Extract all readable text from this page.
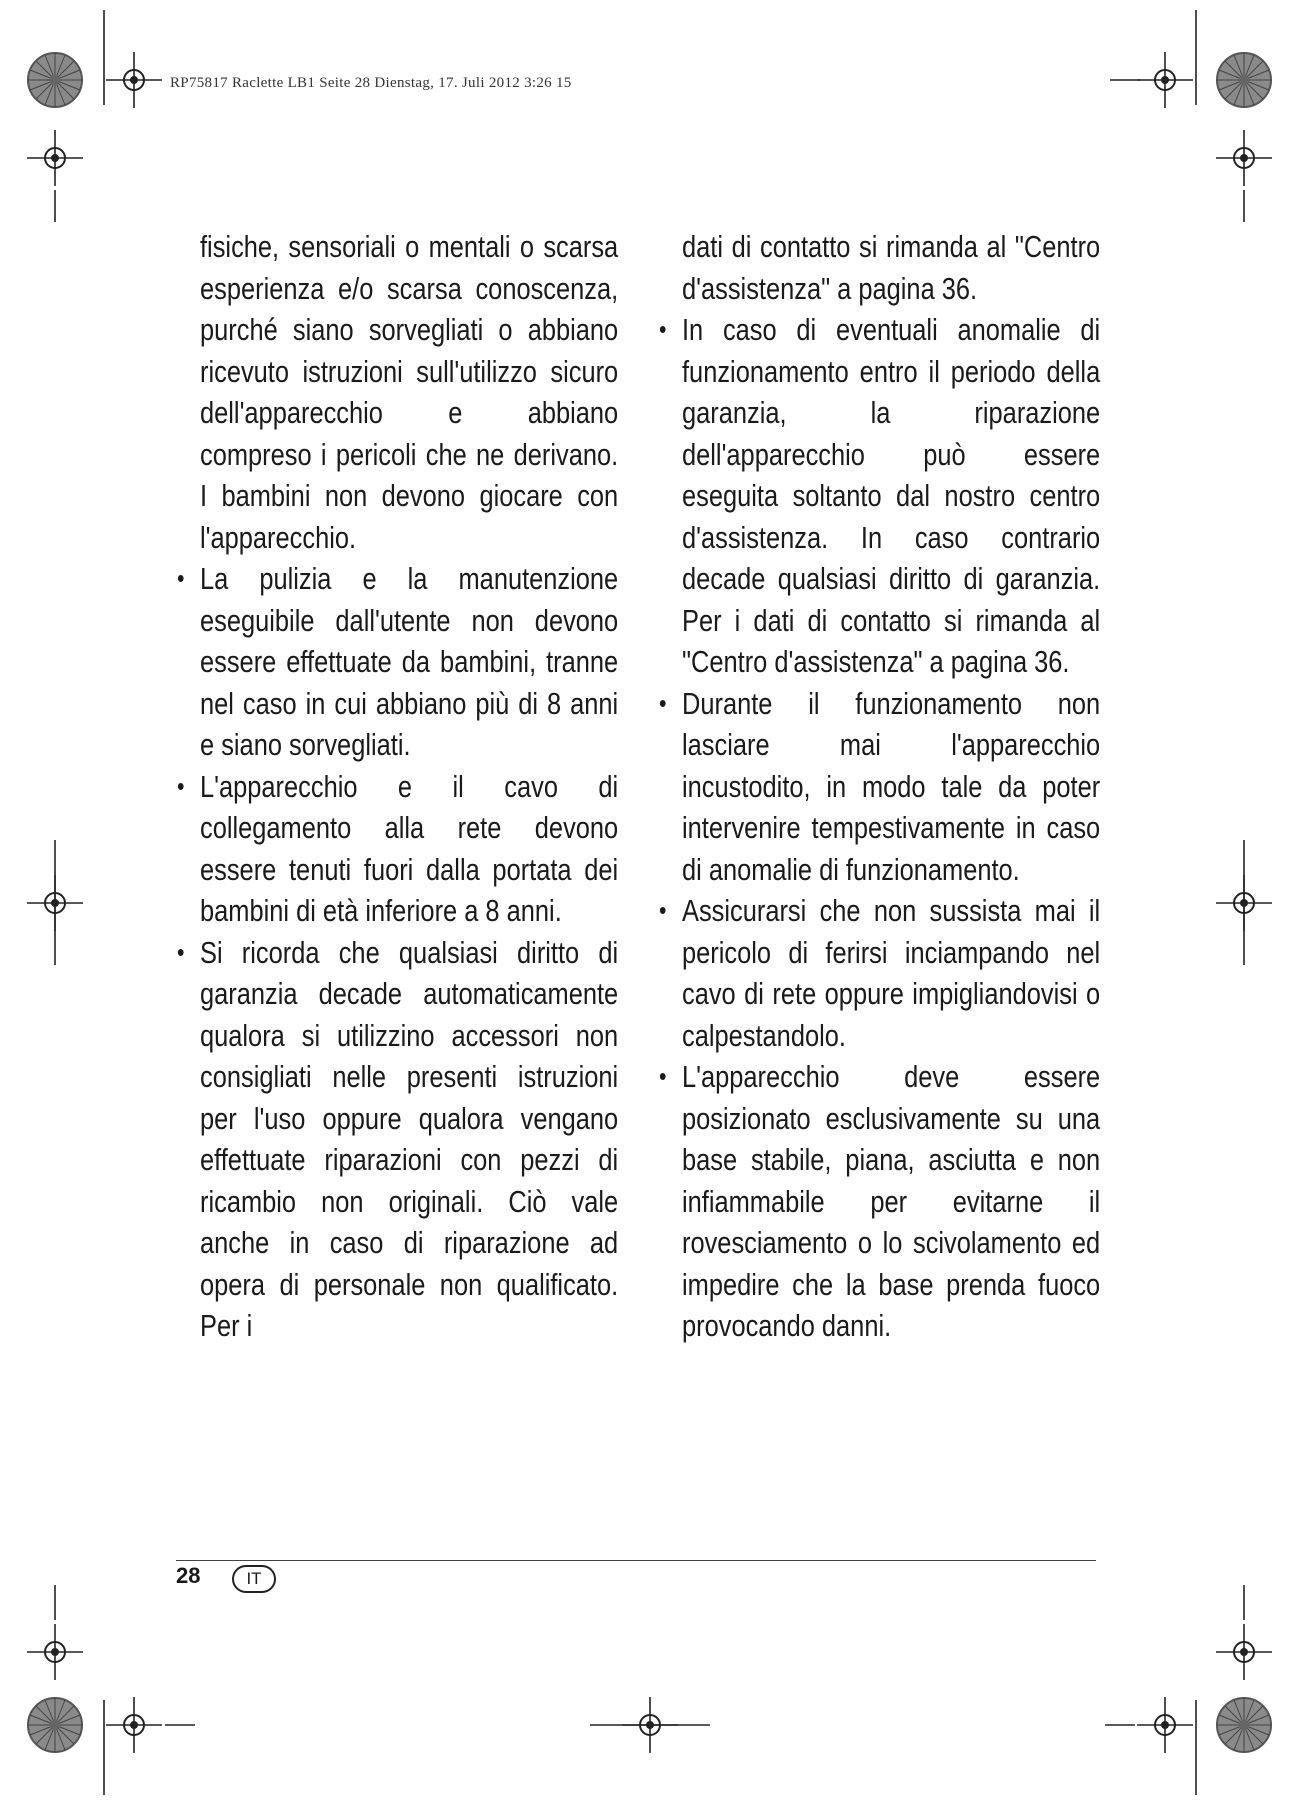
RP75817 Raclette LB1 Seite 28 Dienstag, 17. Juli 2012 3:26 15

fisiche, sensoriali o mentali o scarsa esperienza e/o scarsa conoscenza, purché siano sorvegliati o abbiano ricevuto istruzioni sull'utilizzo sicuro dell'apparecchio e abbiano compreso i pericoli che ne derivano. I bambini non devono giocare con l'apparecchio.

• La pulizia e la manutenzione eseguibile dall'utente non devono essere effettuate da bambini, tranne nel caso in cui abbiano più di 8 anni e siano sorvegliati.
• L'apparecchio e il cavo di collegamento alla rete devono essere tenuti fuori dalla portata dei bambini di età inferiore a 8 anni.
• Si ricorda che qualsiasi diritto di garanzia decade automaticamente qualora si utilizzino accessori non consigliati nelle presenti istruzioni per l'uso oppure qualora vengano effettuate riparazioni con pezzi di ricambio non originali. Ciò vale anche in caso di riparazione ad opera di personale non qualificato. Per i

dati di contatto si rimanda al "Centro d'assistenza" a pagina 36.

• In caso di eventuali anomalie di funzionamento entro il periodo della garanzia, la riparazione dell'apparecchio può essere eseguita soltanto dal nostro centro d'assistenza. In caso contrario decade qualsiasi diritto di garanzia. Per i dati di contatto si rimanda al "Centro d'assistenza" a pagina 36.
• Durante il funzionamento non lasciare mai l'apparecchio incustodito, in modo tale da poter intervenire tempestivamente in caso di anomalie di funzionamento.
• Assicurarsi che non sussista mai il pericolo di ferirsi inciampando nel cavo di rete oppure impigliandovisi o calpestandolo.
• L'apparecchio deve essere posizionato esclusivamente su una base stabile, piana, asciutta e non infiammabile per evitarne il rovesciamento o lo scivolamento ed impedire che la base prenda fuoco provocando danni.
28	IT
